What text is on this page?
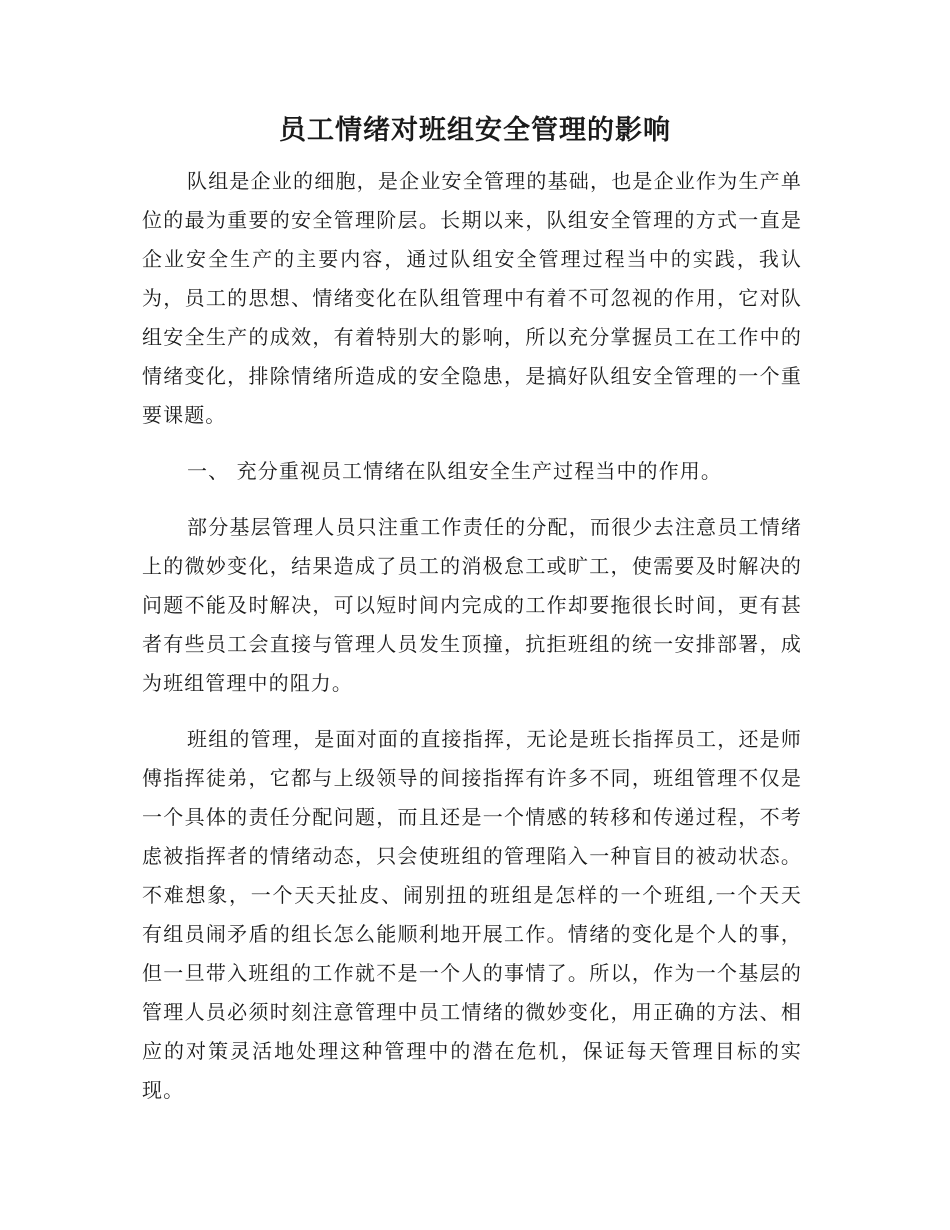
员工情绪对班组安全管理的影响

队组是企业的细胞，是企业安全管理的基础，也是企业作为生产单位的最为重要的安全管理阶层。长期以来，队组安全管理的方式一直是企业安全生产的主要内容，通过队组安全管理过程当中的实践，我认为，员工的思想、情绪变化在队组管理中有着不可忽视的作用，它对队组安全生产的成效，有着特别大的影响，所以充分掌握员工在工作中的情绪变化，排除情绪所造成的安全隐患，是搞好队组安全管理的一个重要课题。

一、 充分重视员工情绪在队组安全生产过程当中的作用。

部分基层管理人员只注重工作责任的分配，而很少去注意员工情绪上的微妙变化，结果造成了员工的消极怠工或旷工，使需要及时解决的问题不能及时解决，可以短时间内完成的工作却要拖很长时间，更有甚者有些员工会直接与管理人员发生顶撞，抗拒班组的统一安排部署，成为班组管理中的阻力。

班组的管理，是面对面的直接指挥，无论是班长指挥员工，还是师傅指挥徒弟，它都与上级领导的间接指挥有许多不同，班组管理不仅是一个具体的责任分配问题，而且还是一个情感的转移和传递过程，不考虑被指挥者的情绪动态，只会使班组的管理陷入一种盲目的被动状态。不难想象，一个天天扯皮、闹别扭的班组是怎样的一个班组,一个天天有组员闹矛盾的组长怎么能顺利地开展工作。情绪的变化是个人的事，但一旦带入班组的工作就不是一个人的事情了。所以，作为一个基层的管理人员必须时刻注意管理中员工情绪的微妙变化，用正确的方法、相应的对策灵活地处理这种管理中的潜在危机，保证每天管理目标的实现。
